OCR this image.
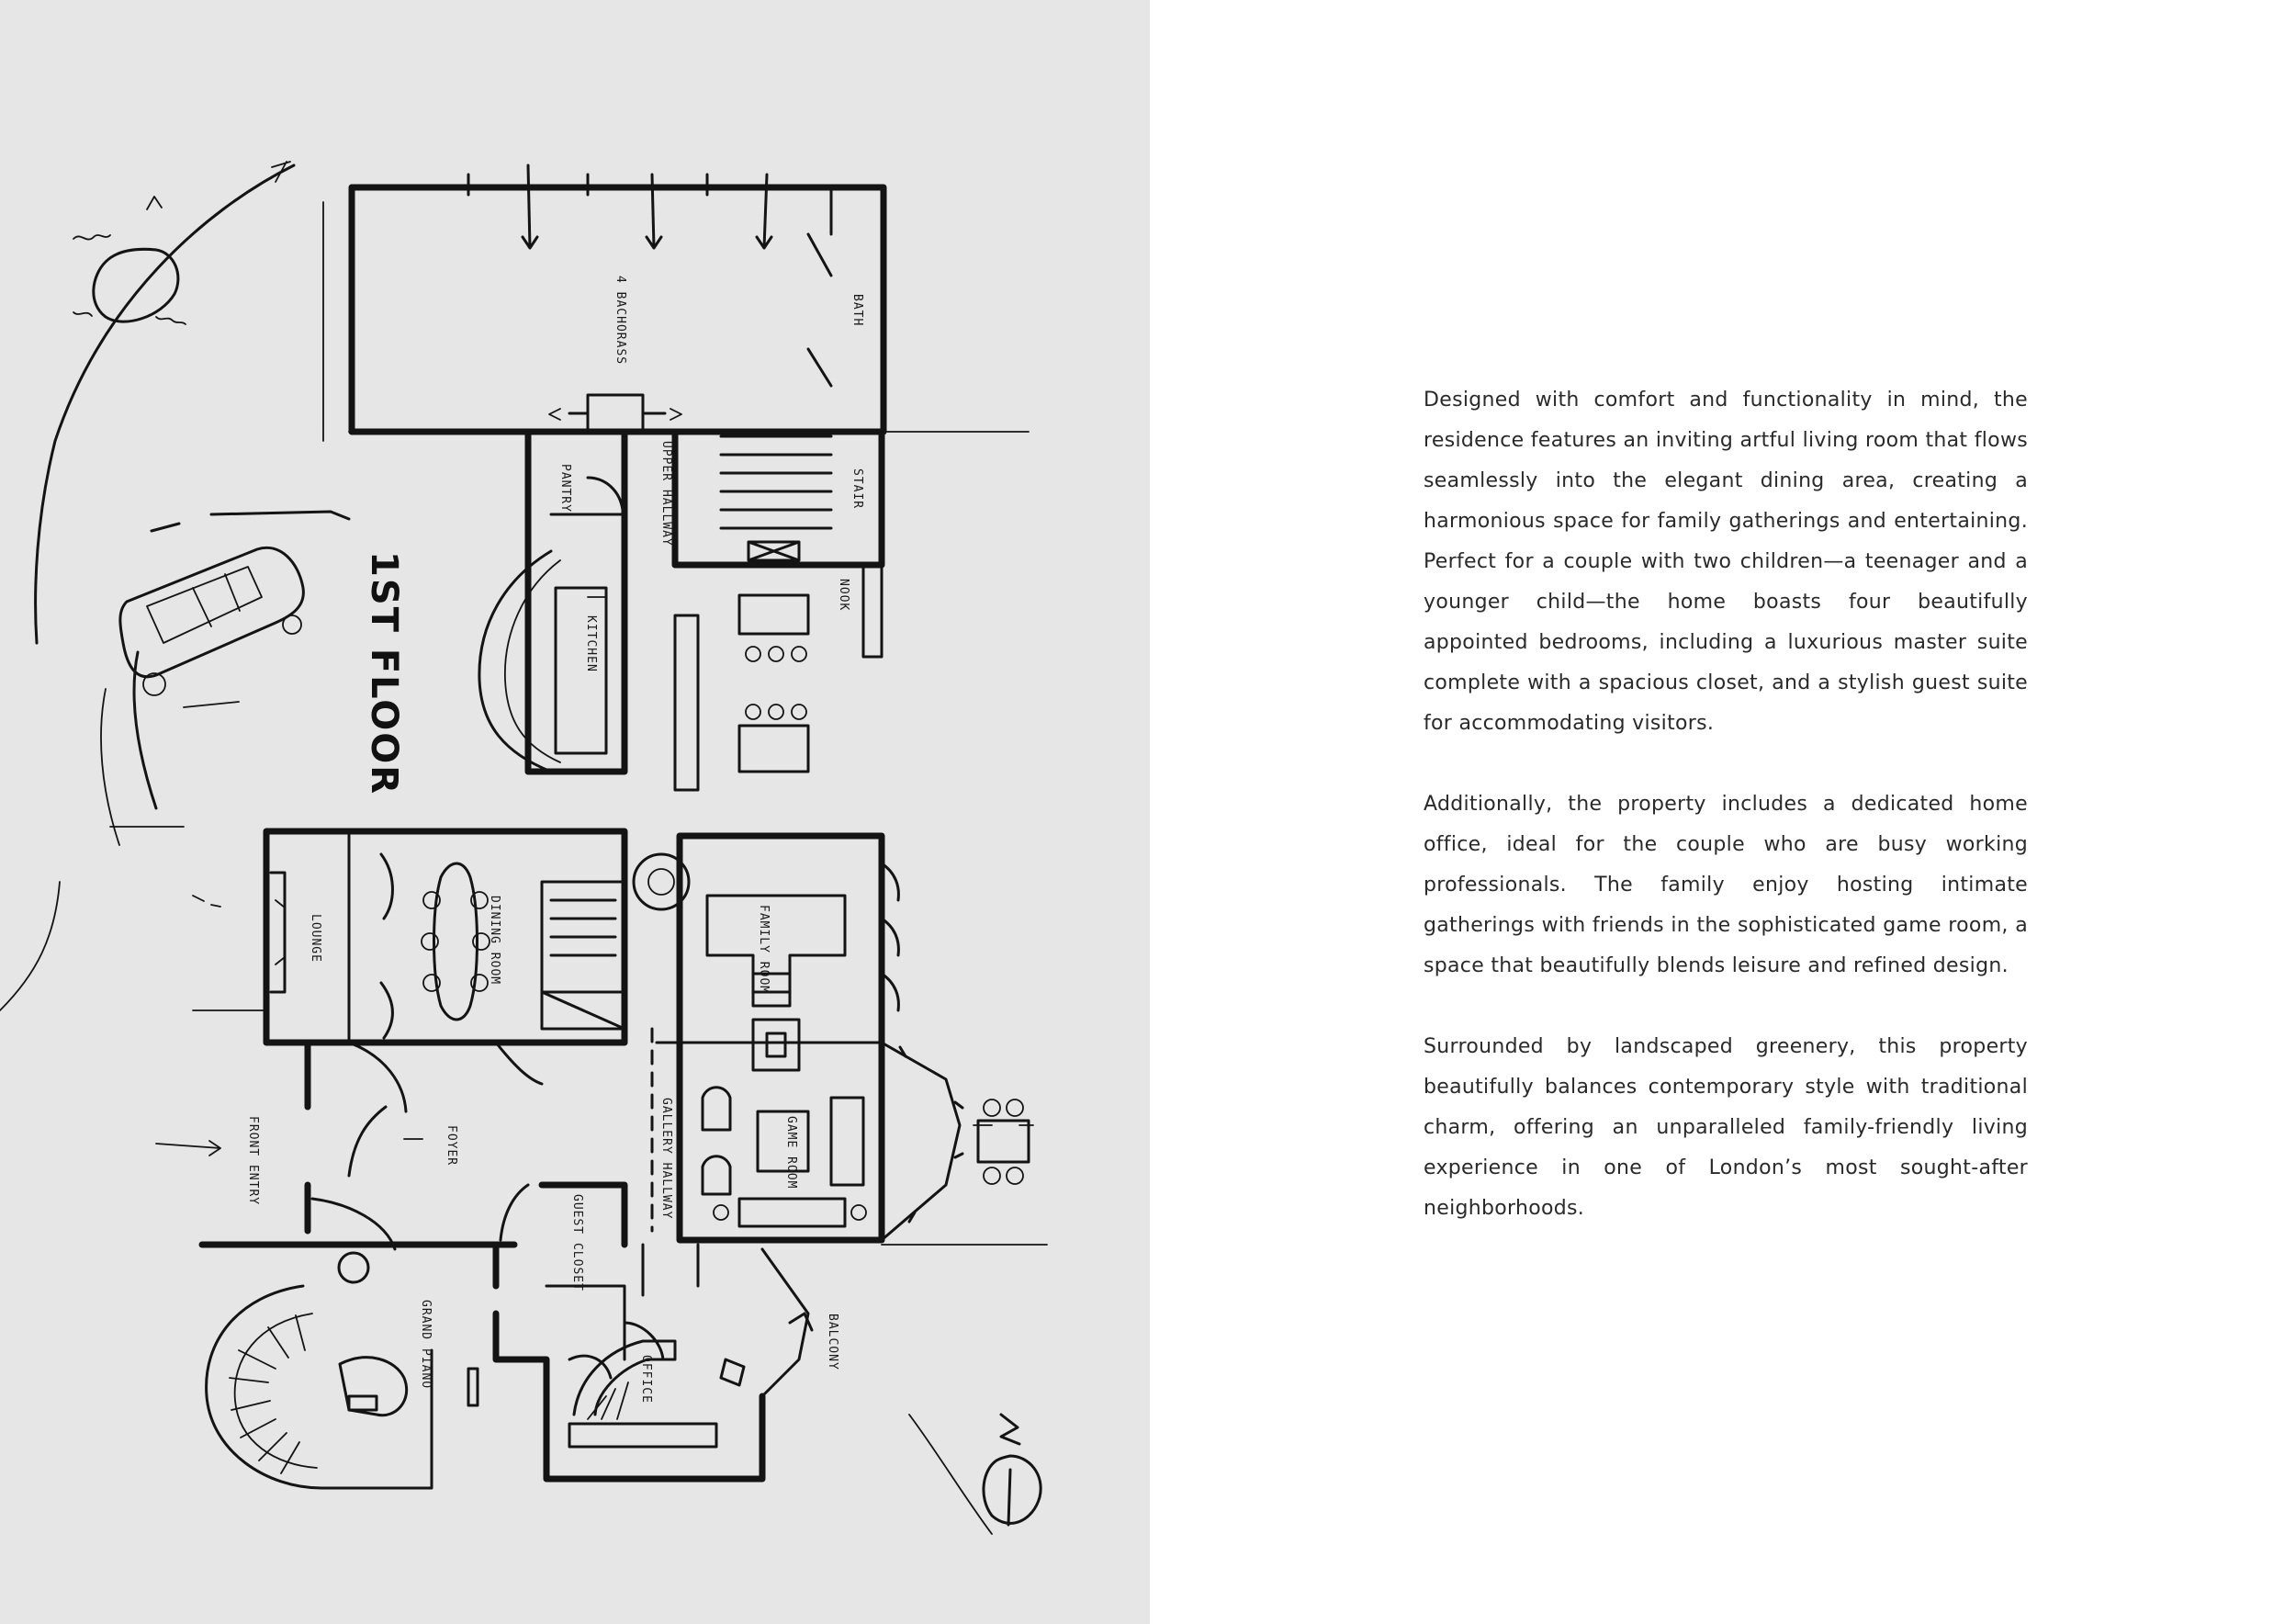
1ST FLOOR
4 BACHORASS	BATH
UPPER HALLWAY
PANTRY	STAIR
KITCHEN
NOOK
LOUNGE	DINING ROOM	FAMILY ROOM
FRONT ENTRY	FOYER	GALLERY HALLWAY	GAME ROOM
GUEST CLOSET
GRAND PIANO	OFFICE
BALCONY

Designed with comfort and functionality in mind, the residence features an inviting artful living room that flows seamlessly into the elegant dining area, creating a harmonious space for family gatherings and entertaining. Perfect for a couple with two children—a teenager and a younger child—the home boasts four beautifully appointed bedrooms, including a luxurious master suite complete with a spacious closet, and a stylish guest suite for accommodating visitors.

Additionally, the property includes a dedicated home office, ideal for the couple who are busy working professionals. The family enjoy hosting intimate gatherings with friends in the sophisticated game room, a space that beautifully blends leisure and refined design.

Surrounded by landscaped greenery, this property beautifully balances contemporary style with traditional charm, offering an unparalleled family-friendly living experience in one of London’s most sought-after neighborhoods.
